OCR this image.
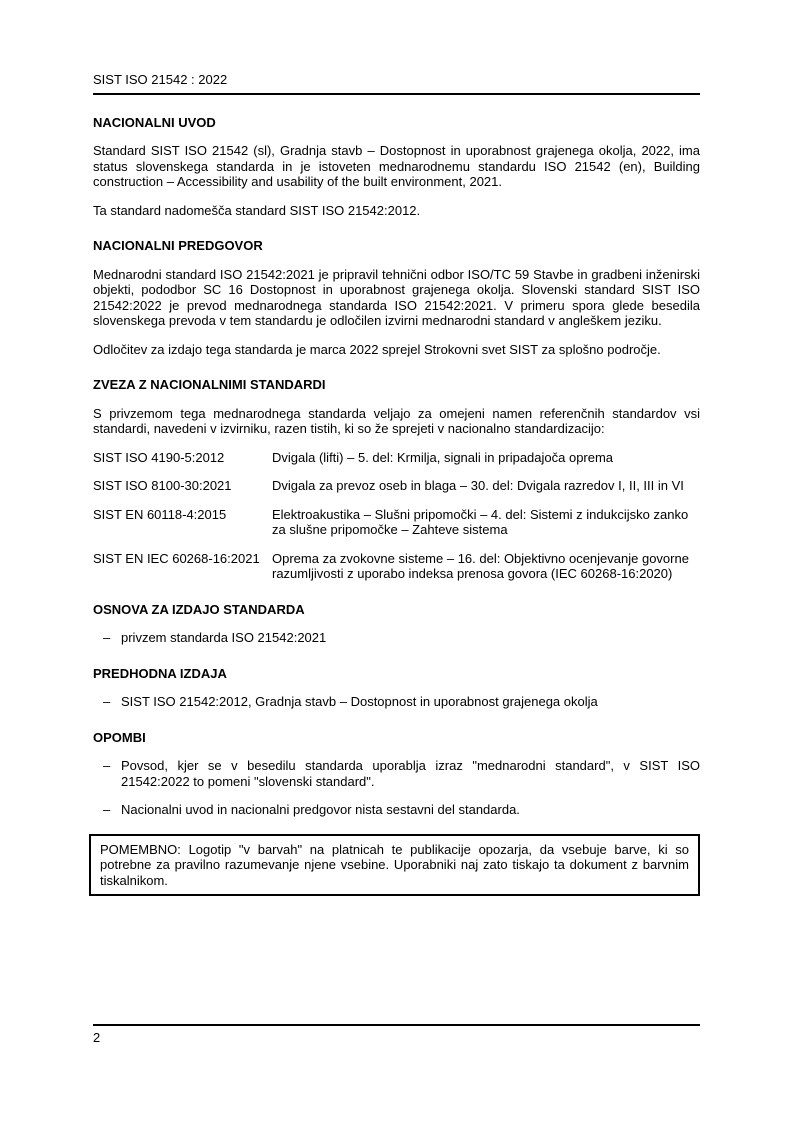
SIST ISO 21542 : 2022
NACIONALNI UVOD

Standard SIST ISO 21542 (sl), Gradnja stavb – Dostopnost in uporabnost grajenega okolja, 2022, ima status slovenskega standarda in je istoveten mednarodnemu standardu ISO 21542 (en), Building construction – Accessibility and usability of the built environment, 2021.

Ta standard nadomešča standard SIST ISO 21542:2012.

NACIONALNI PREDGOVOR

Mednarodni standard ISO 21542:2021 je pripravil tehnični odbor ISO/TC 59 Stavbe in gradbeni inženirski objekti, pododbor SC 16 Dostopnost in uporabnost grajenega okolja. Slovenski standard SIST ISO 21542:2022 je prevod mednarodnega standarda ISO 21542:2021. V primeru spora glede besedila slovenskega prevoda v tem standardu je odločilen izvirni mednarodni standard v angleškem jeziku.

Odločitev za izdajo tega standarda je marca 2022 sprejel Strokovni svet SIST za splošno področje.

ZVEZA Z NACIONALNIMI STANDARDI

S privzemom tega mednarodnega standarda veljajo za omejeni namen referenčnih standardov vsi standardi, navedeni v izvirniku, razen tistih, ki so že sprejeti v nacionalno standardizacijo:

SIST ISO 4190-5:2012	Dvigala (lifti) – 5. del: Krmilja, signali in pripadajoča oprema
SIST ISO 8100-30:2021	Dvigala za prevoz oseb in blaga – 30. del: Dvigala razredov I, II, III in VI
SIST EN 60118-4:2015	Elektroakustika – Slušni pripomočki – 4. del: Sistemi z indukcijsko zanko za slušne pripomočke – Zahteve sistema
SIST EN IEC 60268-16:2021 Oprema za zvokovne sisteme – 16. del: Objektivno ocenjevanje govorne razumljivosti z uporabo indeksa prenosa govora (IEC 60268-16:2020)
OSNOVA ZA IZDAJO STANDARDA
– privzem standarda ISO 21542:2021
PREDHODNA IZDAJA
– SIST ISO 21542:2012, Gradnja stavb – Dostopnost in uporabnost grajenega okolja
OPOMBI
– Povsod, kjer se v besedilu standarda uporablja izraz "mednarodni standard", v SIST ISO 21542:2022 to pomeni "slovenski standard".
– Nacionalni uvod in nacionalni predgovor nista sestavni del standarda.
POMEMBNO: Logotip "v barvah" na platnicah te publikacije opozarja, da vsebuje barve, ki so potrebne za pravilno razumevanje njene vsebine. Uporabniki naj zato tiskajo ta dokument z barvnim tiskalnikom.
2
